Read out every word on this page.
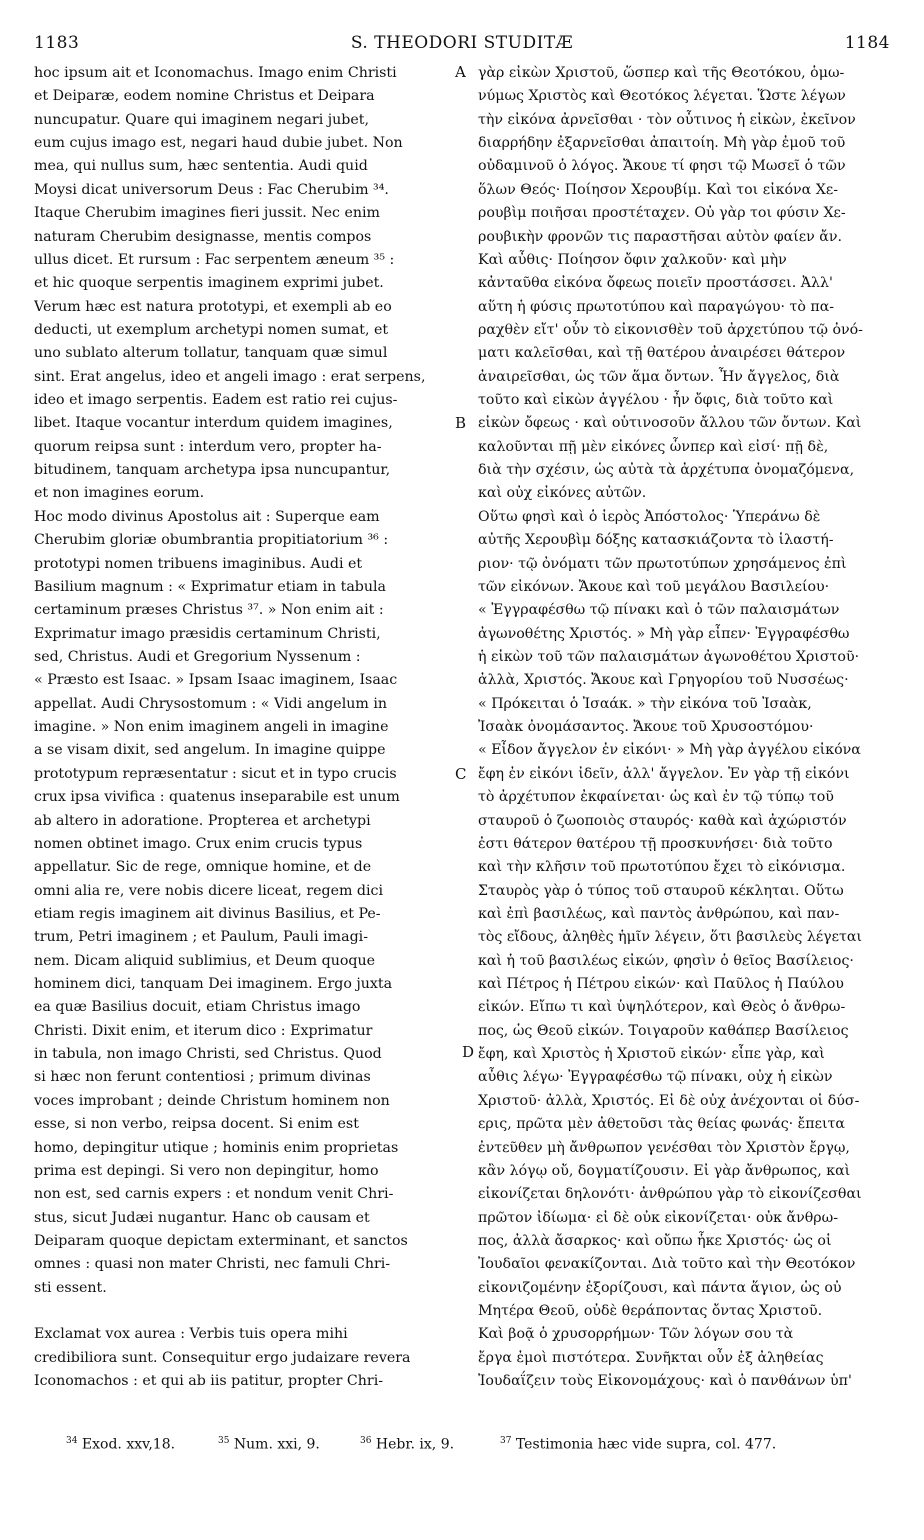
1183	S. THEODORI STUDITÆ	1184
hoc ipsum ait et Iconomachus. Imago enim Christi
et Deiparæ, eodem nomine Christus et Deipara
nuncupatur. Quare qui imaginem negari jubet,
eum cujus imago est, negari haud dubie jubet. Non
mea, qui nullus sum, hæc sententia. Audi quid
Moysi dicat universorum Deus : Fac Cherubim ³⁴.
Itaque Cherubim imagines fieri jussit. Nec enim
naturam Cherubim designasse, mentis compos
ullus dicet. Et rursum : Fac serpentem æneum ³⁵ :
et hic quoque serpentis imaginem exprimi jubet.
Verum hæc est natura prototypi, et exempli ab eo
deducti, ut exemplum archetypi nomen sumat, et
uno sublato alterum tollatur, tanquam quæ simul
sint. Erat angelus, ideo et angeli imago : erat serpens,
ideo et imago serpentis. Eadem est ratio rei cujus-
libet. Itaque vocantur interdum quidem imagines,
quorum reipsa sunt : interdum vero, propter ha-
bitudinem, tanquam archetypa ipsa nuncupantur,
et non imagines eorum.
Hoc modo divinus Apostolus ait : Superque eam
Cherubim gloriæ obumbrantia propitiatorium ³⁶ :
prototypi nomen tribuens imaginibus. Audi et
Basilium magnum : « Exprimatur etiam in tabula
certaminum præses Christus ³⁷. » Non enim ait :
Exprimatur imago præsidis certaminum Christi,
sed, Christus. Audi et Gregorium Nyssenum :
« Præsto est Isaac. » Ipsam Isaac imaginem, Isaac
appellat. Audi Chrysostomum : « Vidi angelum in
imagine. » Non enim imaginem angeli in imagine
a se visam dixit, sed angelum. In imagine quippe
prototypum repræsentatur : sicut et in typo crucis
crux ipsa vivifica : quatenus inseparabile est unum
ab altero in adoratione. Propterea et archetypi
nomen obtinet imago. Crux enim crucis typus
appellatur. Sic de rege, omnique homine, et de
omni alia re, vere nobis dicere liceat, regem dici
etiam regis imaginem ait divinus Basilius, et Pe-
trum, Petri imaginem ; et Paulum, Pauli imagi-
nem. Dicam aliquid sublimius, et Deum quoque
hominem dici, tanquam Dei imaginem. Ergo juxta
ea quæ Basilius docuit, etiam Christus imago
Christi. Dixit enim, et iterum dico : Exprimatur
in tabula, non imago Christi, sed Christus. Quod
si hæc non ferunt contentiosi ; primum divinas
voces improbant ; deinde Christum hominem non
esse, si non verbo, reipsa docent. Si enim est
homo, depingitur utique ; hominis enim proprietas
prima est depingi. Si vero non depingitur, homo
non est, sed carnis expers : et nondum venit Chri-
stus, sicut Judæi nugantur. Hanc ob causam et
Deiparam quoque depictam exterminant, et sanctos
omnes : quasi non mater Christi, nec famuli Chri-
sti essent.
Exclamat vox aurea : Verbis tuis opera mihi
credibiliora sunt. Consequitur ergo judaizare revera
Iconomachos : et qui ab iis patitur, propter Chri-
γὰρ εἰκὼν Χριστοῦ, ὥσπερ καὶ τῆς Θεοτόκου, ὁμω-
νύμως Χριστὸς καὶ Θεοτόκος λέγεται. Ὥστε λέγων
τὴν εἰκόνα ἀρνεῖσθαι · τὸν οὗτινος ἡ εἰκὼν, ἐκεῖνον
διαρρήδην ἐξαρνεῖσθαι ἀπαιτοίη. Μὴ γὰρ ἐμοῦ τοῦ
οὐδαμινοῦ ὁ λόγος. Ἄκουε τί φησι τῷ Μωσεῖ ὁ τῶν
ὅλων Θεός· Ποίησον Χερουβίμ. Καὶ τοι εἰκόνα Χε-
ρουβὶμ ποιῆσαι προστέταχεν. Οὐ γὰρ τοι φύσιν Χε-
ρουβικὴν φρονῶν τις παραστῆσαι αὐτὸν φαίεν ἄν.
Καὶ αὖθις· Ποίησον ὄφιν χαλκοῦν· καὶ μὴν
κἀνταῦθα εἰκόνα ὄφεως ποιεῖν προστάσσει. Ἀλλ'
αὕτη ἡ φύσις πρωτοτύπου καὶ παραγώγου· τὸ πα-
ραχθὲν εἴτ' οὖν τὸ εἰκονισθὲν τοῦ ἀρχετύπου τῷ ὀνό-
ματι καλεῖσθαι, καὶ τῇ θατέρου ἀναιρέσει θάτερον
ἀναιρεῖσθαι, ὡς τῶν ἅμα ὄντων. Ἦν ἄγγελος, διὰ
τοῦτο καὶ εἰκὼν ἀγγέλου · ἦν ὄφις, διὰ τοῦτο καὶ
εἰκὼν ὄφεως · καὶ οὑτινοσοῦν ἄλλου τῶν ὄντων. Καὶ
καλοῦνται πῇ μὲν εἰκόνες ὧνπερ καὶ εἰσί· πῇ δὲ,
διὰ τὴν σχέσιν, ὡς αὐτὰ τὰ ἀρχέτυπα ὀνομαζόμενα,
καὶ οὐχ εἰκόνες αὐτῶν.
Οὕτω φησὶ καὶ ὁ ἱερὸς Ἀπόστολος· Ὑπεράνω δὲ
αὐτῆς Χερουβὶμ δόξης κατασκιάζοντα τὸ ἱλαστή-
ριον· τῷ ὀνόματι τῶν πρωτοτύπων χρησάμενος ἐπὶ
τῶν εἰκόνων. Ἄκουε καὶ τοῦ μεγάλου Βασιλείου·
« Ἐγγραφέσθω τῷ πίνακι καὶ ὁ τῶν παλαισμάτων
ἀγωνοθέτης Χριστός. » Μὴ γὰρ εἶπεν· Ἐγγραφέσθω
ἡ εἰκὼν τοῦ τῶν παλαισμάτων ἀγωνοθέτου Χριστοῦ·
ἀλλὰ, Χριστός. Ἄκουε καὶ Γρηγορίου τοῦ Νυσσέως·
« Πρόκειται ὁ Ἰσαάκ. » τὴν εἰκόνα τοῦ Ἰσαὰκ,
Ἰσαὰκ ὀνομάσαντος. Ἄκουε τοῦ Χρυσοστόμου·
« Εἶδον ἄγγελον ἐν εἰκόνι· » Μὴ γὰρ ἀγγέλου εἰκόνα
ἔφη ἐν εἰκόνι ἰδεῖν, ἀλλ' ἄγγελον. Ἐν γὰρ τῇ εἰκόνι
τὸ ἀρχέτυπον ἐκφαίνεται· ὡς καὶ ἐν τῷ τύπῳ τοῦ
σταυροῦ ὁ ζωοποιὸς σταυρός· καθὰ καὶ ἀχώριστόν
ἐστι θάτερον θατέρου τῇ προσκυνήσει· διὰ τοῦτο
καὶ τὴν κλῆσιν τοῦ πρωτοτύπου ἔχει τὸ εἰκόνισμα.
Σταυρὸς γὰρ ὁ τύπος τοῦ σταυροῦ κέκληται. Οὕτω
καὶ ἐπὶ βασιλέως, καὶ παντὸς ἀνθρώπου, καὶ παν-
τὸς εἴδους, ἀληθὲς ἡμῖν λέγειν, ὅτι βασιλεὺς λέγεται
καὶ ἡ τοῦ βασιλέως εἰκών, φησὶν ὁ θεῖος Βασίλειος·
καὶ Πέτρος ἡ Πέτρου εἰκών· καὶ Παῦλος ἡ Παύλου
εἰκών. Εἴπω τι καὶ ὑψηλότερον, καὶ Θεὸς ὁ ἄνθρω-
πος, ὡς Θεοῦ εἰκών. Τοιγαροῦν καθάπερ Βασίλειος
ἔφη, καὶ Χριστὸς ἡ Χριστοῦ εἰκών· εἶπε γὰρ, καὶ
αὖθις λέγω· Ἐγγραφέσθω τῷ πίνακι, οὐχ ἡ εἰκὼν
Χριστοῦ· ἀλλὰ, Χριστός. Εἰ δὲ οὐχ ἀνέχονται οἱ δύσ-
ερις, πρῶτα μὲν ἀθετοῦσι τὰς θείας φωνάς· ἔπειτα
ἐντεῦθεν μὴ ἄνθρωπον γενέσθαι τὸν Χριστὸν ἔργῳ,
κἂν λόγῳ οὔ, δογματίζουσιν. Εἰ γὰρ ἄνθρωπος, καὶ
εἰκονίζεται δηλονότι· ἀνθρώπου γὰρ τὸ εἰκονίζεσθαι
πρῶτον ἰδίωμα· εἰ δὲ οὐκ εἰκονίζεται· οὐκ ἄνθρω-
πος, ἀλλὰ ἄσαρκος· καὶ οὔπω ἧκε Χριστός· ὡς οἱ
Ἰουδαῖοι φενακίζονται. Διὰ τοῦτο καὶ τὴν Θεοτόκον
εἰκονιζομένην ἐξορίζουσι, καὶ πάντα ἅγιον, ὡς οὐ
Μητέρα Θεοῦ, οὐδὲ θεράποντας ὄντας Χριστοῦ.
Καὶ βοᾷ ὁ χρυσορρήμων· Τῶν λόγων σου τὰ
ἔργα ἐμοὶ πιστότερα. Συνῆκται οὖν ἐξ ἀληθείας
Ἰουδαΐζειν τοὺς Εἰκονομάχους· καὶ ὁ πανθάνων ὑπ'
A
B
C
D
$^{34}$ Exod. xxv,18.	$^{35}$ Num. xxi, 9.	$^{36}$ Hebr. ix, 9.	$^{37}$ Testimonia hæc vide supra, col. 477.
